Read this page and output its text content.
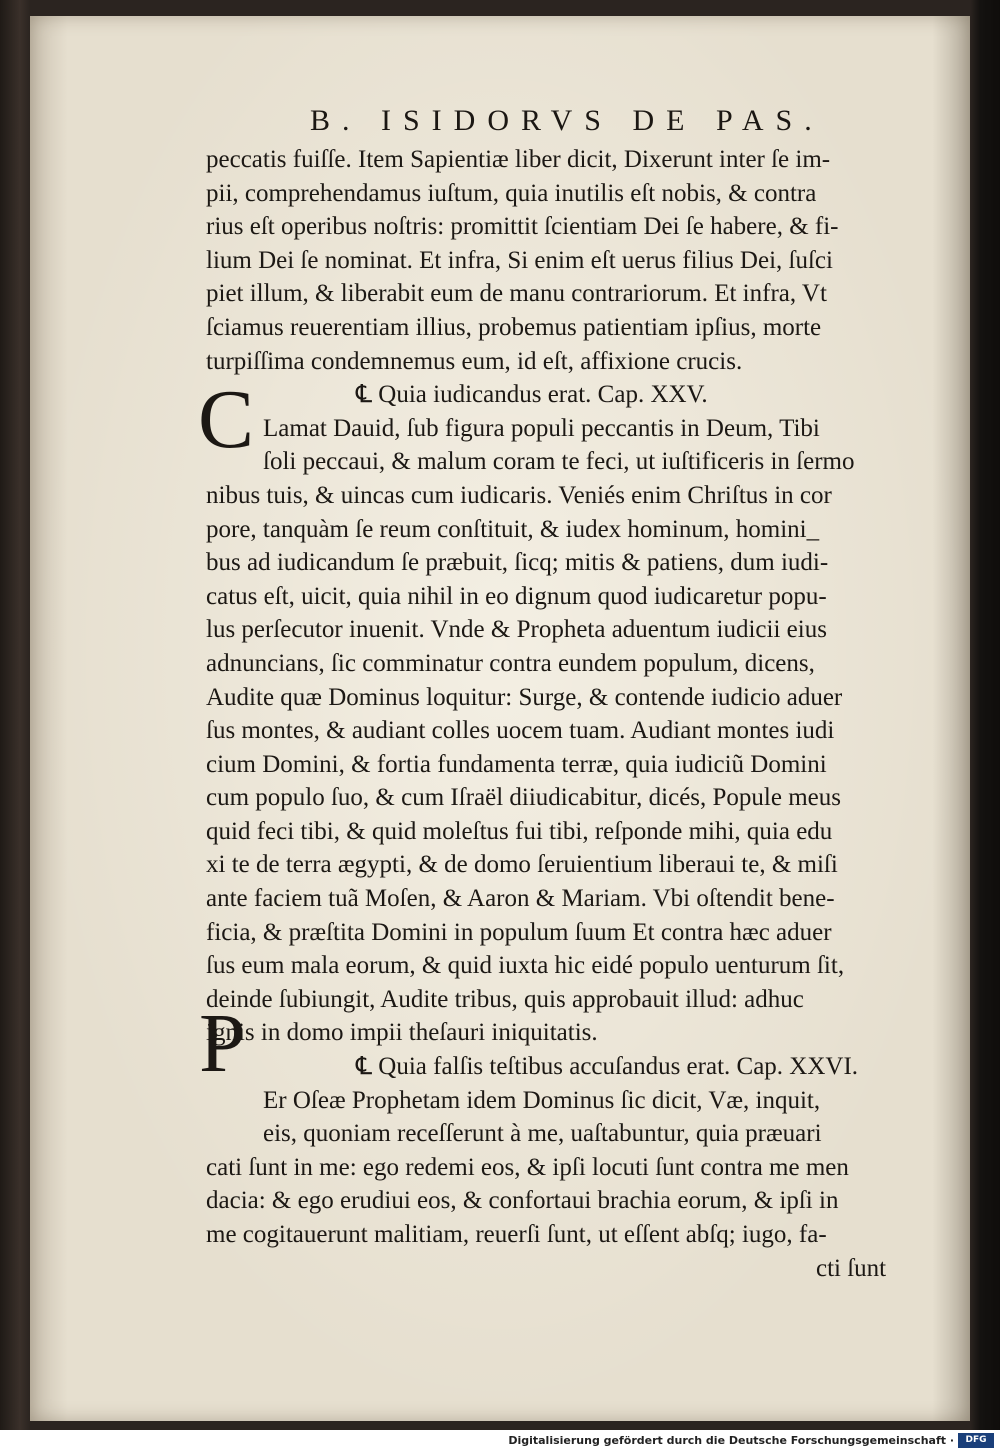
B. ISIDORVS DE PAS.
C
P
peccatis fuiſſe. Item Sapientiæ liber dicit, Dixerunt inter ſe im-
pii, comprehendamus iuſtum, quia inutilis eſt nobis, & contra
rius eſt operibus noſtris: promittit ſcientiam Dei ſe habere, & fi-
lium Dei ſe nominat. Et infra, Si enim eſt uerus filius Dei, ſuſci
piet illum, & liberabit eum de manu contrariorum. Et infra, Vt
ſciamus reuerentiam illius, probemus patientiam ipſius, morte
turpiſſima condemnemus eum, id eſt, affixione crucis.
℄ Quia iudicandus erat. Cap. XXV.
Lamat Dauid, ſub figura populi peccantis in Deum, Tibi
ſoli peccaui, & malum coram te feci, ut iuſtificeris in ſermo
nibus tuis, & uincas cum iudicaris. Veniés enim Chriſtus in cor
pore, tanquàm ſe reum conſtituit, & iudex hominum, homini_
bus ad iudicandum ſe præbuit, ſicq; mitis & patiens, dum iudi-
catus eſt, uicit, quia nihil in eo dignum quod iudicaretur popu-
lus perſecutor inuenit. Vnde & Propheta aduentum iudicii eius
adnuncians, ſic comminatur contra eundem populum, dicens,
Audite quæ Dominus loquitur: Surge, & contende iudicio aduer
ſus montes, & audiant colles uocem tuam. Audiant montes iudi
cium Domini, & fortia fundamenta terræ, quia iudiciũ Domini
cum populo ſuo, & cum Iſraël diiudicabitur, dicés, Popule meus
quid feci tibi, & quid moleſtus fui tibi, reſponde mihi, quia edu
xi te de terra ægypti, & de domo ſeruientium liberaui te, & miſi
ante faciem tuã Moſen, & Aaron & Mariam. Vbi oſtendit bene-
ficia, & præſtita Domini in populum ſuum Et contra hæc aduer
ſus eum mala eorum, & quid iuxta hic eidé populo uenturum ſit,
deinde ſubiungit, Audite tribus, quis approbauit illud: adhuc
ignis in domo impii theſauri iniquitatis.
℄ Quia falſis teſtibus accuſandus erat. Cap. XXVI.
Er Oſeæ Prophetam idem Dominus ſic dicit, Væ, inquit,
eis, quoniam receſſerunt à me, uaſtabuntur, quia præuari
cati ſunt in me: ego redemi eos, & ipſi locuti ſunt contra me men
dacia: & ego erudiui eos, & confortaui brachia eorum, & ipſi in
me cogitauerunt malitiam, reuerſi ſunt, ut eſſent abſq; iugo, fa-
cti ſunt
Digitalisierung gefördert durch die Deutsche Forschungsgemeinschaft ·	DFG
